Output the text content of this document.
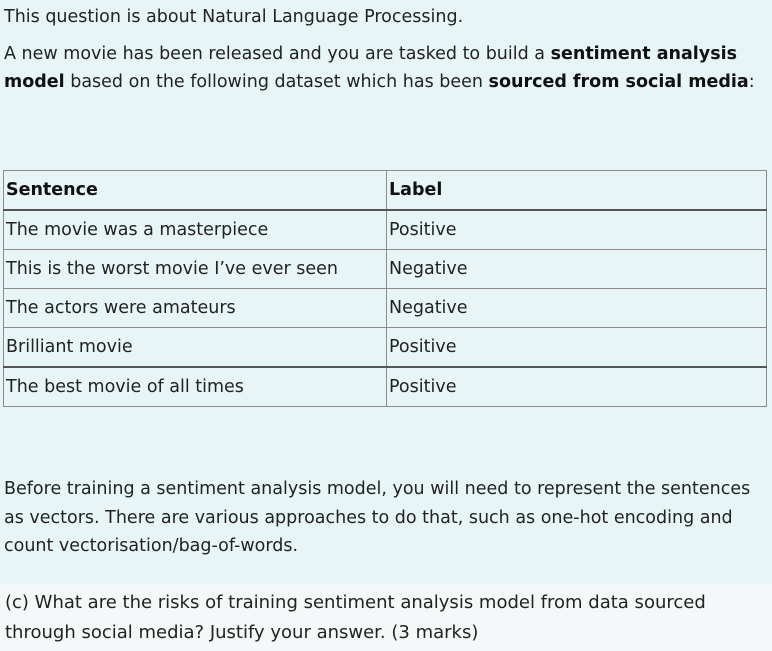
This question is about Natural Language Processing.

A new movie has been released and you are tasked to build a sentiment analysis model based on the following dataset which has been sourced from social media:

Sentence	Label
The movie was a masterpiece	Positive
This is the worst movie I’ve ever seen	Negative
The actors were amateurs	Negative
Brilliant movie	Positive
The best movie of all times	Positive

Before training a sentiment analysis model, you will need to represent the sentences as vectors. There are various approaches to do that, such as one-hot encoding and count vectorisation/bag-of-words.

(c) What are the risks of training sentiment analysis model from data sourced through social media? Justify your answer. (3 marks)
